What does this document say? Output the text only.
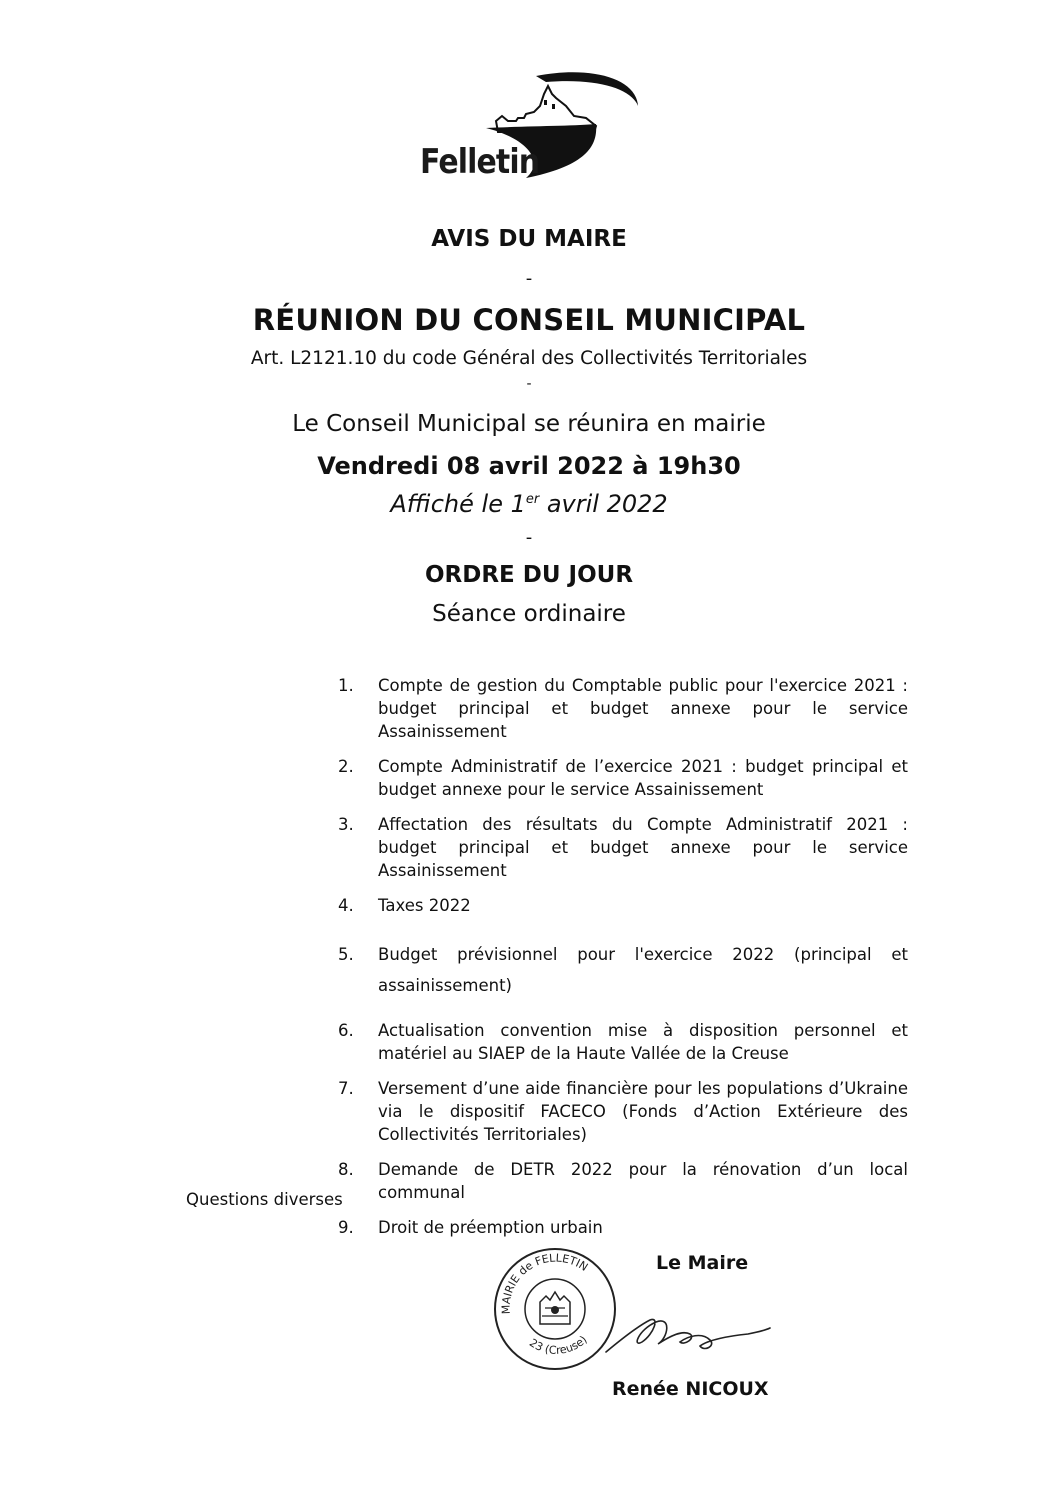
Felletin
AVIS DU MAIRE
-
RÉUNION DU CONSEIL MUNICIPAL
Art. L2121.10 du code Général des Collectivités Territoriales
-
Le Conseil Municipal se réunira en mairie
Vendredi 08 avril 2022 à 19h30
Affiché le 1er avril 2022
-
ORDRE DU JOUR
Séance ordinaire
1.	Compte de gestion du Comptable public pour l'exercice 2021 : budget principal et budget annexe pour le service Assainissement
2.	Compte Administratif de l’exercice 2021 : budget principal et budget annexe pour le service Assainissement
3.	Affectation des résultats du Compte Administratif 2021 : budget principal et budget annexe pour le service Assainissement
4.	Taxes 2022
5.	Budget prévisionnel pour l'exercice 2022 (principal et assainissement)
6.	Actualisation convention mise à disposition personnel et matériel au SIAEP de la Haute Vallée de la Creuse
7.	Versement d’une aide financière pour les populations d’Ukraine via le dispositif FACECO (Fonds d’Action Extérieure des Collectivités Territoriales)
8.	Demande de DETR 2022 pour la rénovation d’un local communal
9.	Droit de préemption urbain
Questions diverses
MAIRIE de FELLETIN
23 (Creuse)
Le Maire
Renée NICOUX
